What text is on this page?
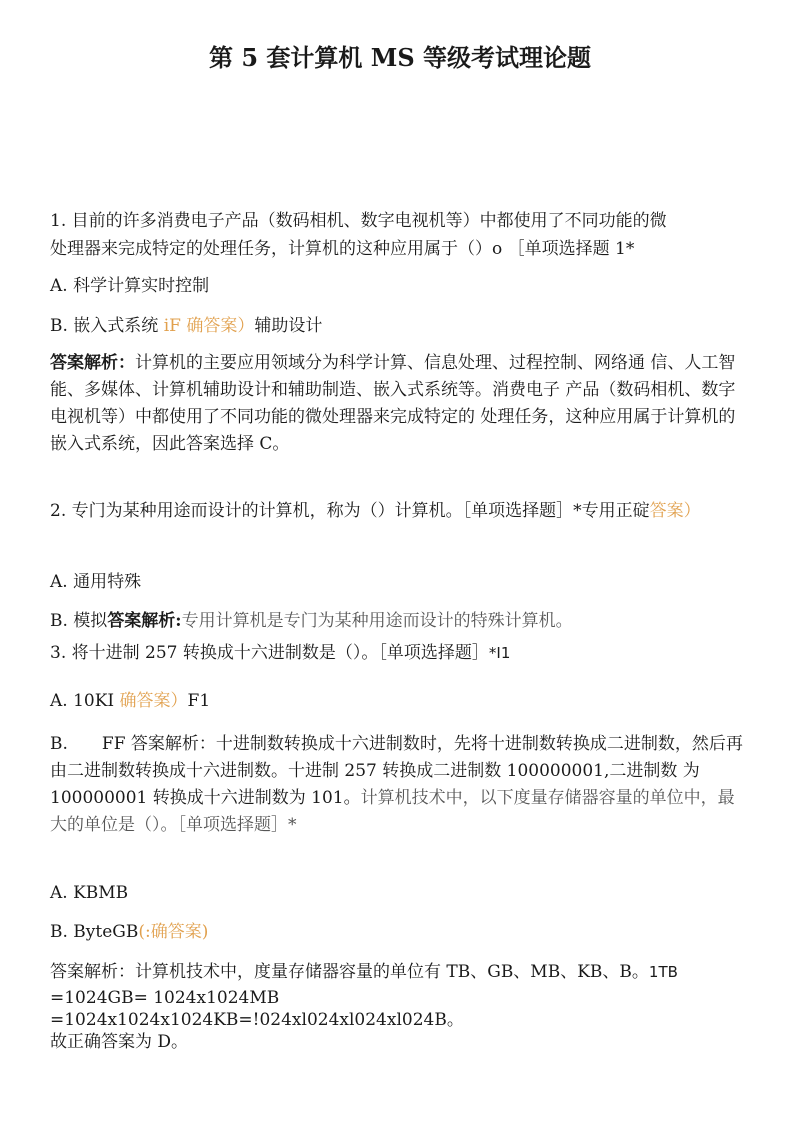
第 5 套计算机 MS 等级考试理论题
1. 目前的许多消费电子产品（数码相机、数字电视机等）中都使用了不同功能的微
处理器来完成特定的处理任务，计算机的这种应用属于（）o ［单项选择题 1*
A. 科学计算实时控制
B. 嵌入式系统 iF 确答案）辅助设计
答案解析：计算机的主要应用领域分为科学计算、信息处理、过程控制、网络通 信、人工智能、多媒体、计算机辅助设计和辅助制造、嵌入式系统等。消费电子 产品（数码相机、数字电视机等）中都使用了不同功能的微处理器来完成特定的 处理任务，这种应用属于计算机的嵌入式系统，因此答案选择 C。
2. 专门为某种用途而设计的计算机，称为（）计算机。［单项选择题］*专用正碇答案）
A. 通用特殊
B. 模拟答案解析:专用计算机是专门为某种用途而设计的特殊计算机。
3. 将十进制 257 转换成十六进制数是（）。［单项选择题］*I1
A. 10KI 确答案）F1
B. FF 答案解析：十进制数转换成十六进制数时，先将十进制数转换成二进制数，然后再 由二进制数转换成十六进制数。十进制 257 转换成二进制数 100000001,二进制数 为 100000001 转换成十六进制数为 101。计算机技术中，以下度量存储器容量的单位中，最大的单位是（）。［单项选择题］*
A. KBMB
B. ByteGB(:确答案)
答案解析：计算机技术中，度量存储器容量的单位有 TB、GB、MB、KB、B。1TB
=1024GB= 1024x1024MB
=1024x1024x1024KB=!024xl024xl024xl024B。
故正确答案为 D。
